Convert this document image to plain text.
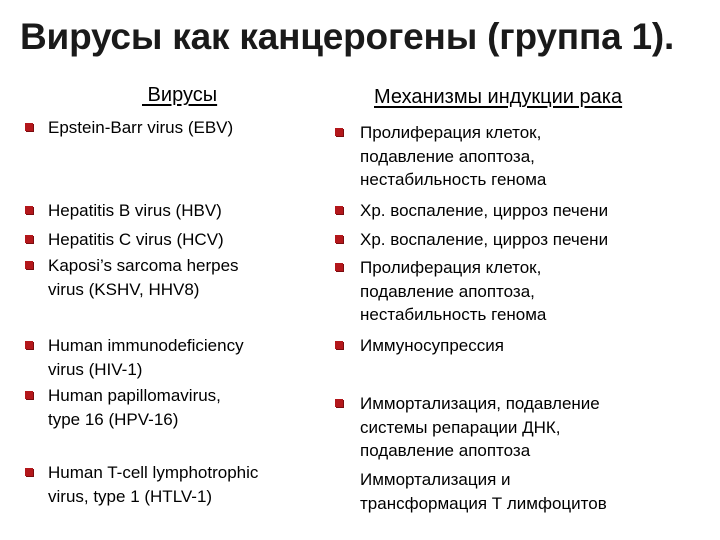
Вирусы как канцерогены (группа 1).
Вирусы	Механизмы индукции рака
Epstein-Barr virus (EBV)
Hepatitis B virus (HBV)
Hepatitis C virus (HCV)
Kaposi’s sarcoma herpes
virus (KSHV, HHV8)
Human immunodeficiency
virus (HIV-1)
Human papillomavirus,
type 16 (HPV-16)
Human T-cell lymphotrophic
virus, type 1 (HTLV-1)
Пролиферация клеток,
подавление апоптоза,
нестабильность генома
Хр. воспаление, цирроз печени
Хр. воспаление, цирроз печени
Пролиферация клеток,
подавление апоптоза,
нестабильность генома
Иммуносупрессия
Иммортализация, подавление
системы репарации ДНК,
подавление апоптоза
Иммортализация и
трансформация Т лимфоцитов
